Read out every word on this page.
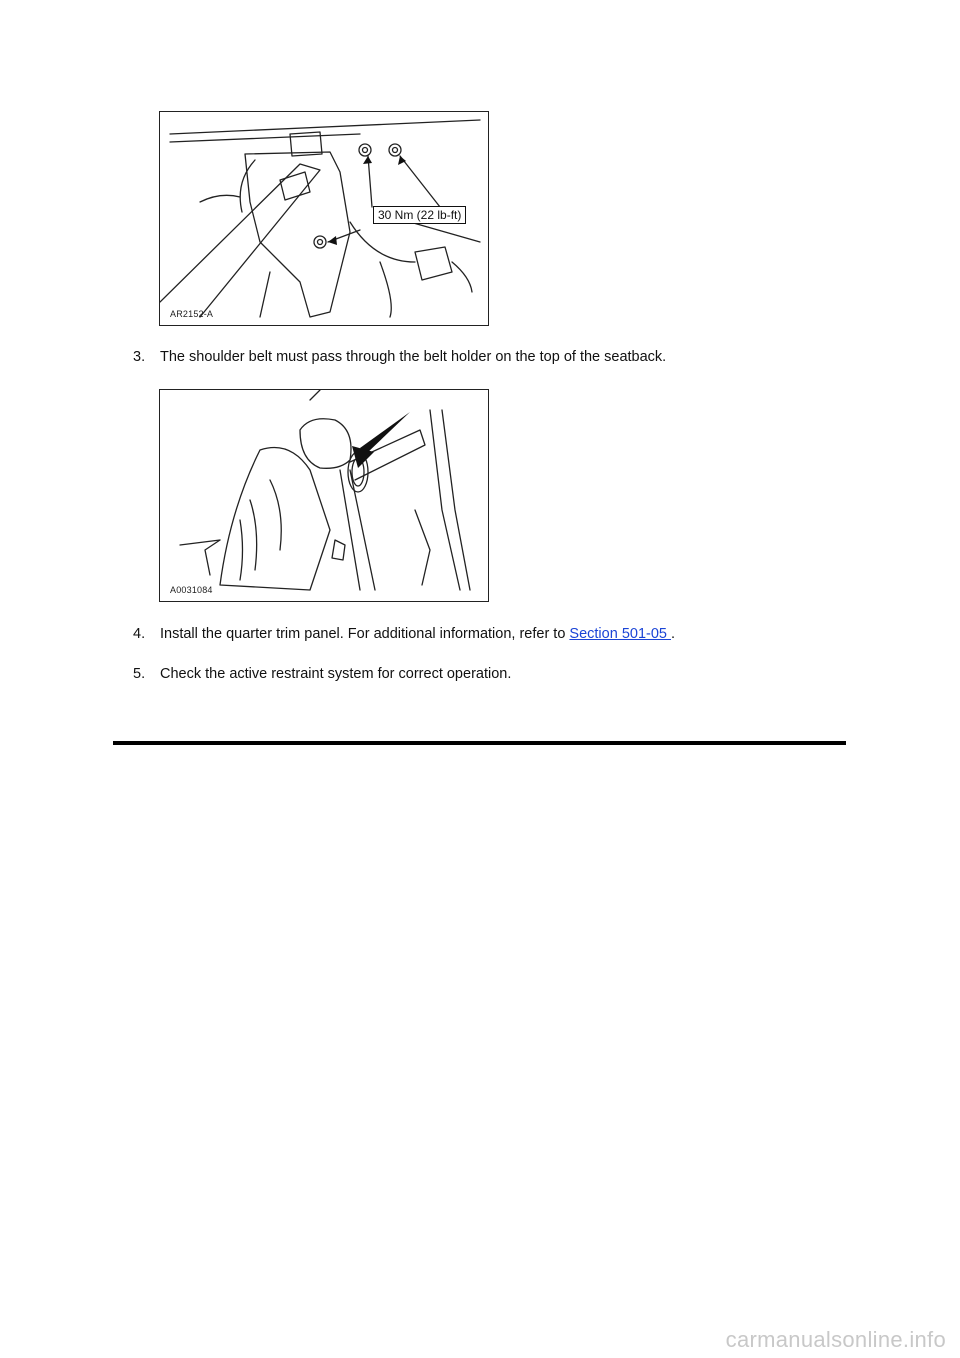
30 Nm (22 lb-ft)
AR2152-A
3. The shoulder belt must pass through the belt holder on the top of the seatback.
A0031084
4. Install the quarter trim panel. For additional information, refer to Section 501-05 .
5. Check the active restraint system for correct operation.
carmanualsonline.info
